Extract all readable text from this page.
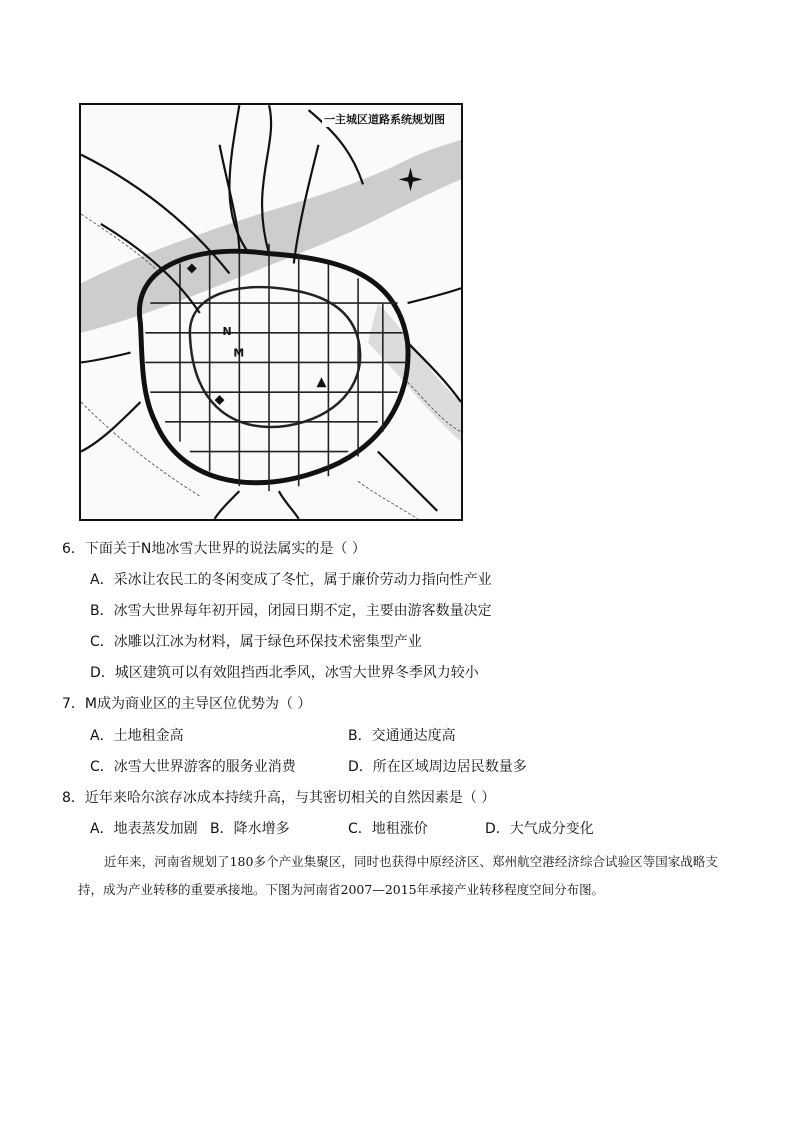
N
M
一主城区道路系统规划图
6．下面关于N地冰雪大世界的说法属实的是（ ）
A．采冰让农民工的冬闲变成了冬忙，属于廉价劳动力指向性产业
B．冰雪大世界每年初开园，闭园日期不定，主要由游客数量决定
C．冰雕以江冰为材料，属于绿色环保技术密集型产业
D．城区建筑可以有效阻挡西北季风，冰雪大世界冬季风力较小
7．M成为商业区的主导区位优势为（ ）
A．土地租金高	B．交通通达度高
C．冰雪大世界游客的服务业消费	D．所在区域周边居民数量多
8．近年来哈尔滨存冰成本持续升高，与其密切相关的自然因素是（ ）
A．地表蒸发加剧 B．降水增多	C．地租涨价	D．大气成分变化
近年来，河南省规划了180多个产业集聚区，同时也获得中原经济区、郑州航空港经济综合试验区等国家战略支持，成为产业转移的重要承接地。下图为河南省2007—2015年承接产业转移程度空间分布图。
